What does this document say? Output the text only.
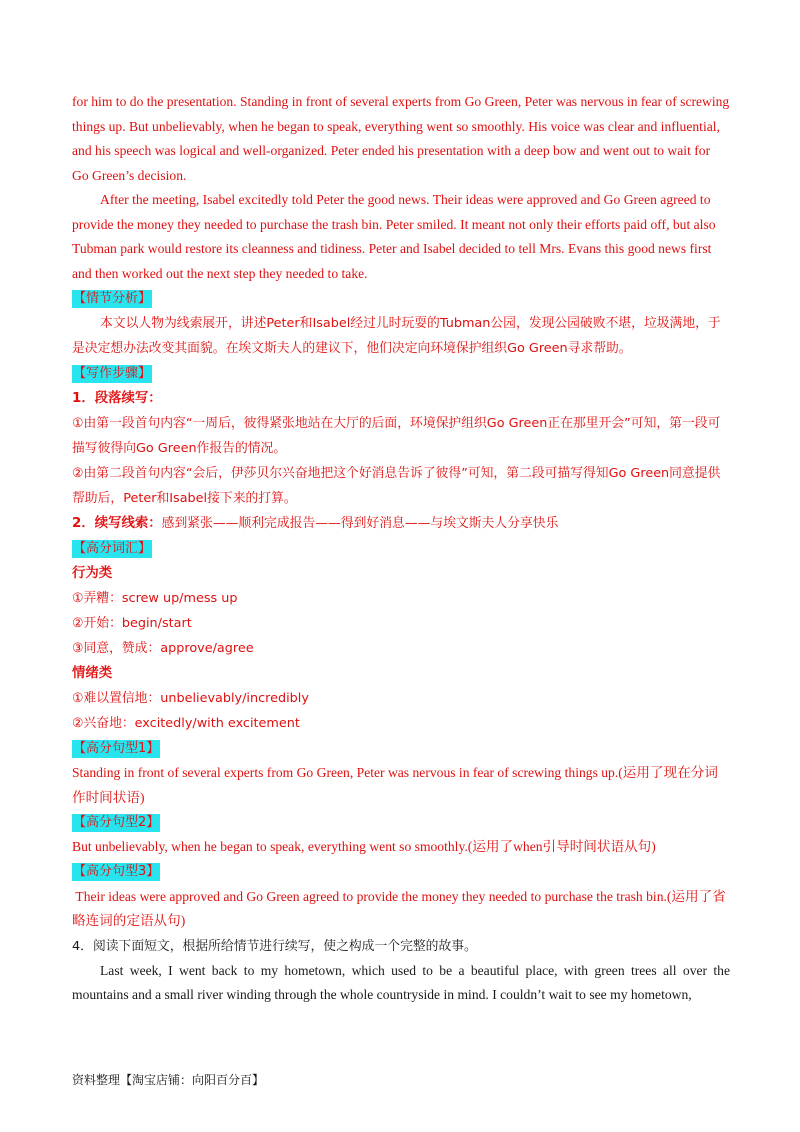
for him to do the presentation. Standing in front of several experts from Go Green, Peter was nervous in fear of screwing things up. But unbelievably, when he began to speak, everything went so smoothly. His voice was clear and influential, and his speech was logical and well-organized. Peter ended his presentation with a deep bow and went out to wait for Go Green’s decision.

After the meeting, Isabel excitedly told Peter the good news. Their ideas were approved and Go Green agreed to provide the money they needed to purchase the trash bin. Peter smiled. It meant not only their efforts paid off, but also Tubman park would restore its cleanness and tidiness. Peter and Isabel decided to tell Mrs. Evans this good news first and then worked out the next step they needed to take.

【情节分析】

本文以人物为线索展开，讲述Peter和Isabel经过儿时玩耍的Tubman公园，发现公园破败不堪，垃圾满地，于是决定想办法改变其面貌。在埃文斯夫人的建议下，他们决定向环境保护组织Go Green寻求帮助。

【写作步骤】
1．段落续写：

①由第一段首句内容“一周后，彼得紧张地站在大厅的后面，环境保护组织Go Green正在那里开会”可知，第一段可描写彼得向Go Green作报告的情况。

②由第二段首句内容“会后，伊莎贝尔兴奋地把这个好消息告诉了彼得”可知，第二段可描写得知Go Green同意提供帮助后，Peter和Isabel接下来的打算。

2．续写线索：感到紧张——顺利完成报告——得到好消息——与埃文斯夫人分享快乐
【高分词汇】
行为类

①弄糟：screw up/mess up

②开始：begin/start

③同意，赞成：approve/agree

情绪类

①难以置信地：unbelievably/incredibly

②兴奋地：excitedly/with excitement

【高分句型1】

Standing in front of several experts from Go Green, Peter was nervous in fear of screwing things up.(运用了现在分词作时间状语)

【高分句型2】

But unbelievably, when he began to speak, everything went so smoothly.(运用了when引导时间状语从句)

【高分句型3】

Their ideas were approved and Go Green agreed to provide the money they needed to purchase the trash bin.(运用了省略连词的定语从句)

4．阅读下面短文，根据所给情节进行续写，使之构成一个完整的故事。

Last week, I went back to my hometown, which used to be a beautiful place, with green trees all over the mountains and a small river winding through the whole countryside in mind. I couldn’t wait to see my hometown,

资料整理【淘宝店铺：向阳百分百】
